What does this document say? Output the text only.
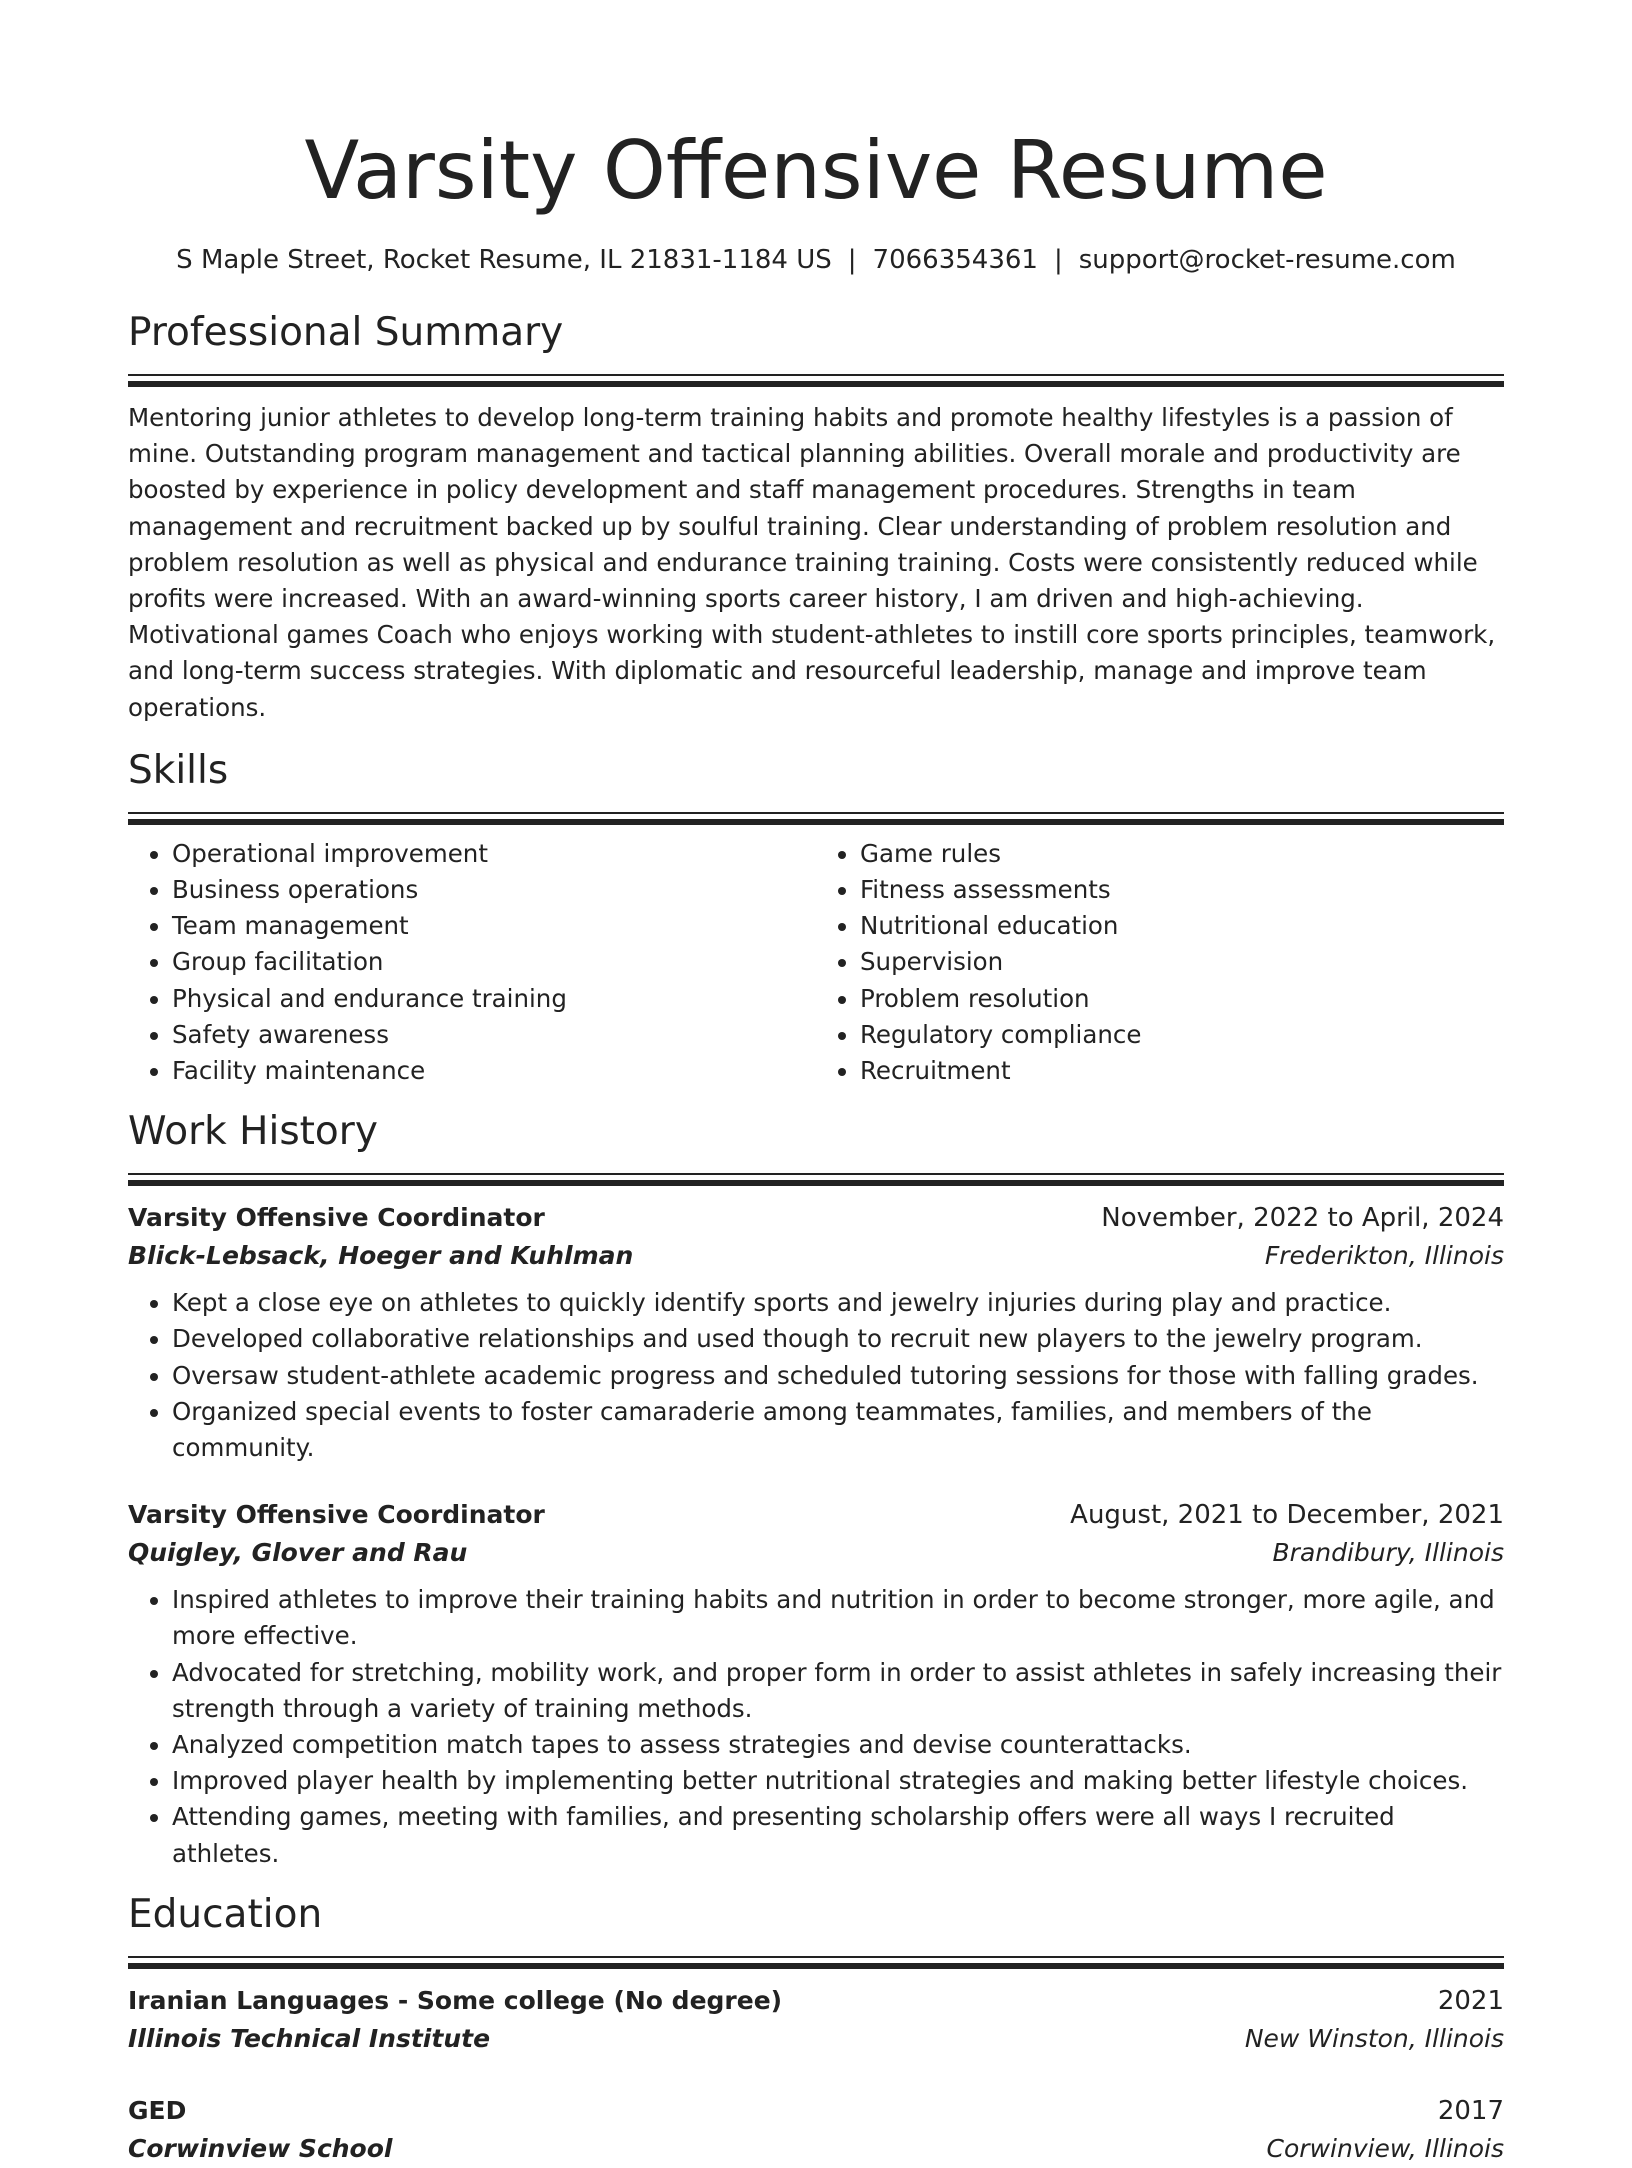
Varsity Offensive Resume
S Maple Street, Rocket Resume, IL 21831-1184 US | 7066354361 | support@rocket-resume.com
Professional Summary

Mentoring junior athletes to develop long-term training habits and promote healthy lifestyles is a passion of mine. Outstanding program management and tactical planning abilities. Overall morale and productivity are boosted by experience in policy development and staff management procedures. Strengths in team management and recruitment backed up by soulful training. Clear understanding of problem resolution and problem resolution as well as physical and endurance training training. Costs were consistently reduced while profits were increased. With an award-winning sports career history, I am driven and high-achieving. Motivational games Coach who enjoys working with student-athletes to instill core sports principles, teamwork, and long-term success strategies. With diplomatic and resourceful leadership, manage and improve team operations.

Skills
• Operational improvement
• Business operations
• Team management
• Group facilitation
• Physical and endurance training
• Safety awareness
• Facility maintenance
• Game rules
• Fitness assessments
• Nutritional education
• Supervision
• Problem resolution
• Regulatory compliance
• Recruitment
Work History
Varsity Offensive Coordinator	November, 2022 to April, 2024
Blick-Lebsack, Hoeger and Kuhlman	Frederikton, Illinois
• Kept a close eye on athletes to quickly identify sports and jewelry injuries during play and practice.
• Developed collaborative relationships and used though to recruit new players to the jewelry program.
• Oversaw student-athlete academic progress and scheduled tutoring sessions for those with falling grades.
• Organized special events to foster camaraderie among teammates, families, and members of the community.
Varsity Offensive Coordinator	August, 2021 to December, 2021
Quigley, Glover and Rau	Brandibury, Illinois
• Inspired athletes to improve their training habits and nutrition in order to become stronger, more agile, and more effective.
• Advocated for stretching, mobility work, and proper form in order to assist athletes in safely increasing their strength through a variety of training methods.
• Analyzed competition match tapes to assess strategies and devise counterattacks.
• Improved player health by implementing better nutritional strategies and making better lifestyle choices.
• Attending games, meeting with families, and presenting scholarship offers were all ways I recruited athletes.
Education
Iranian Languages - Some college (No degree)	2021
Illinois Technical Institute	New Winston, Illinois
GED	2017
Corwinview School	Corwinview, Illinois
